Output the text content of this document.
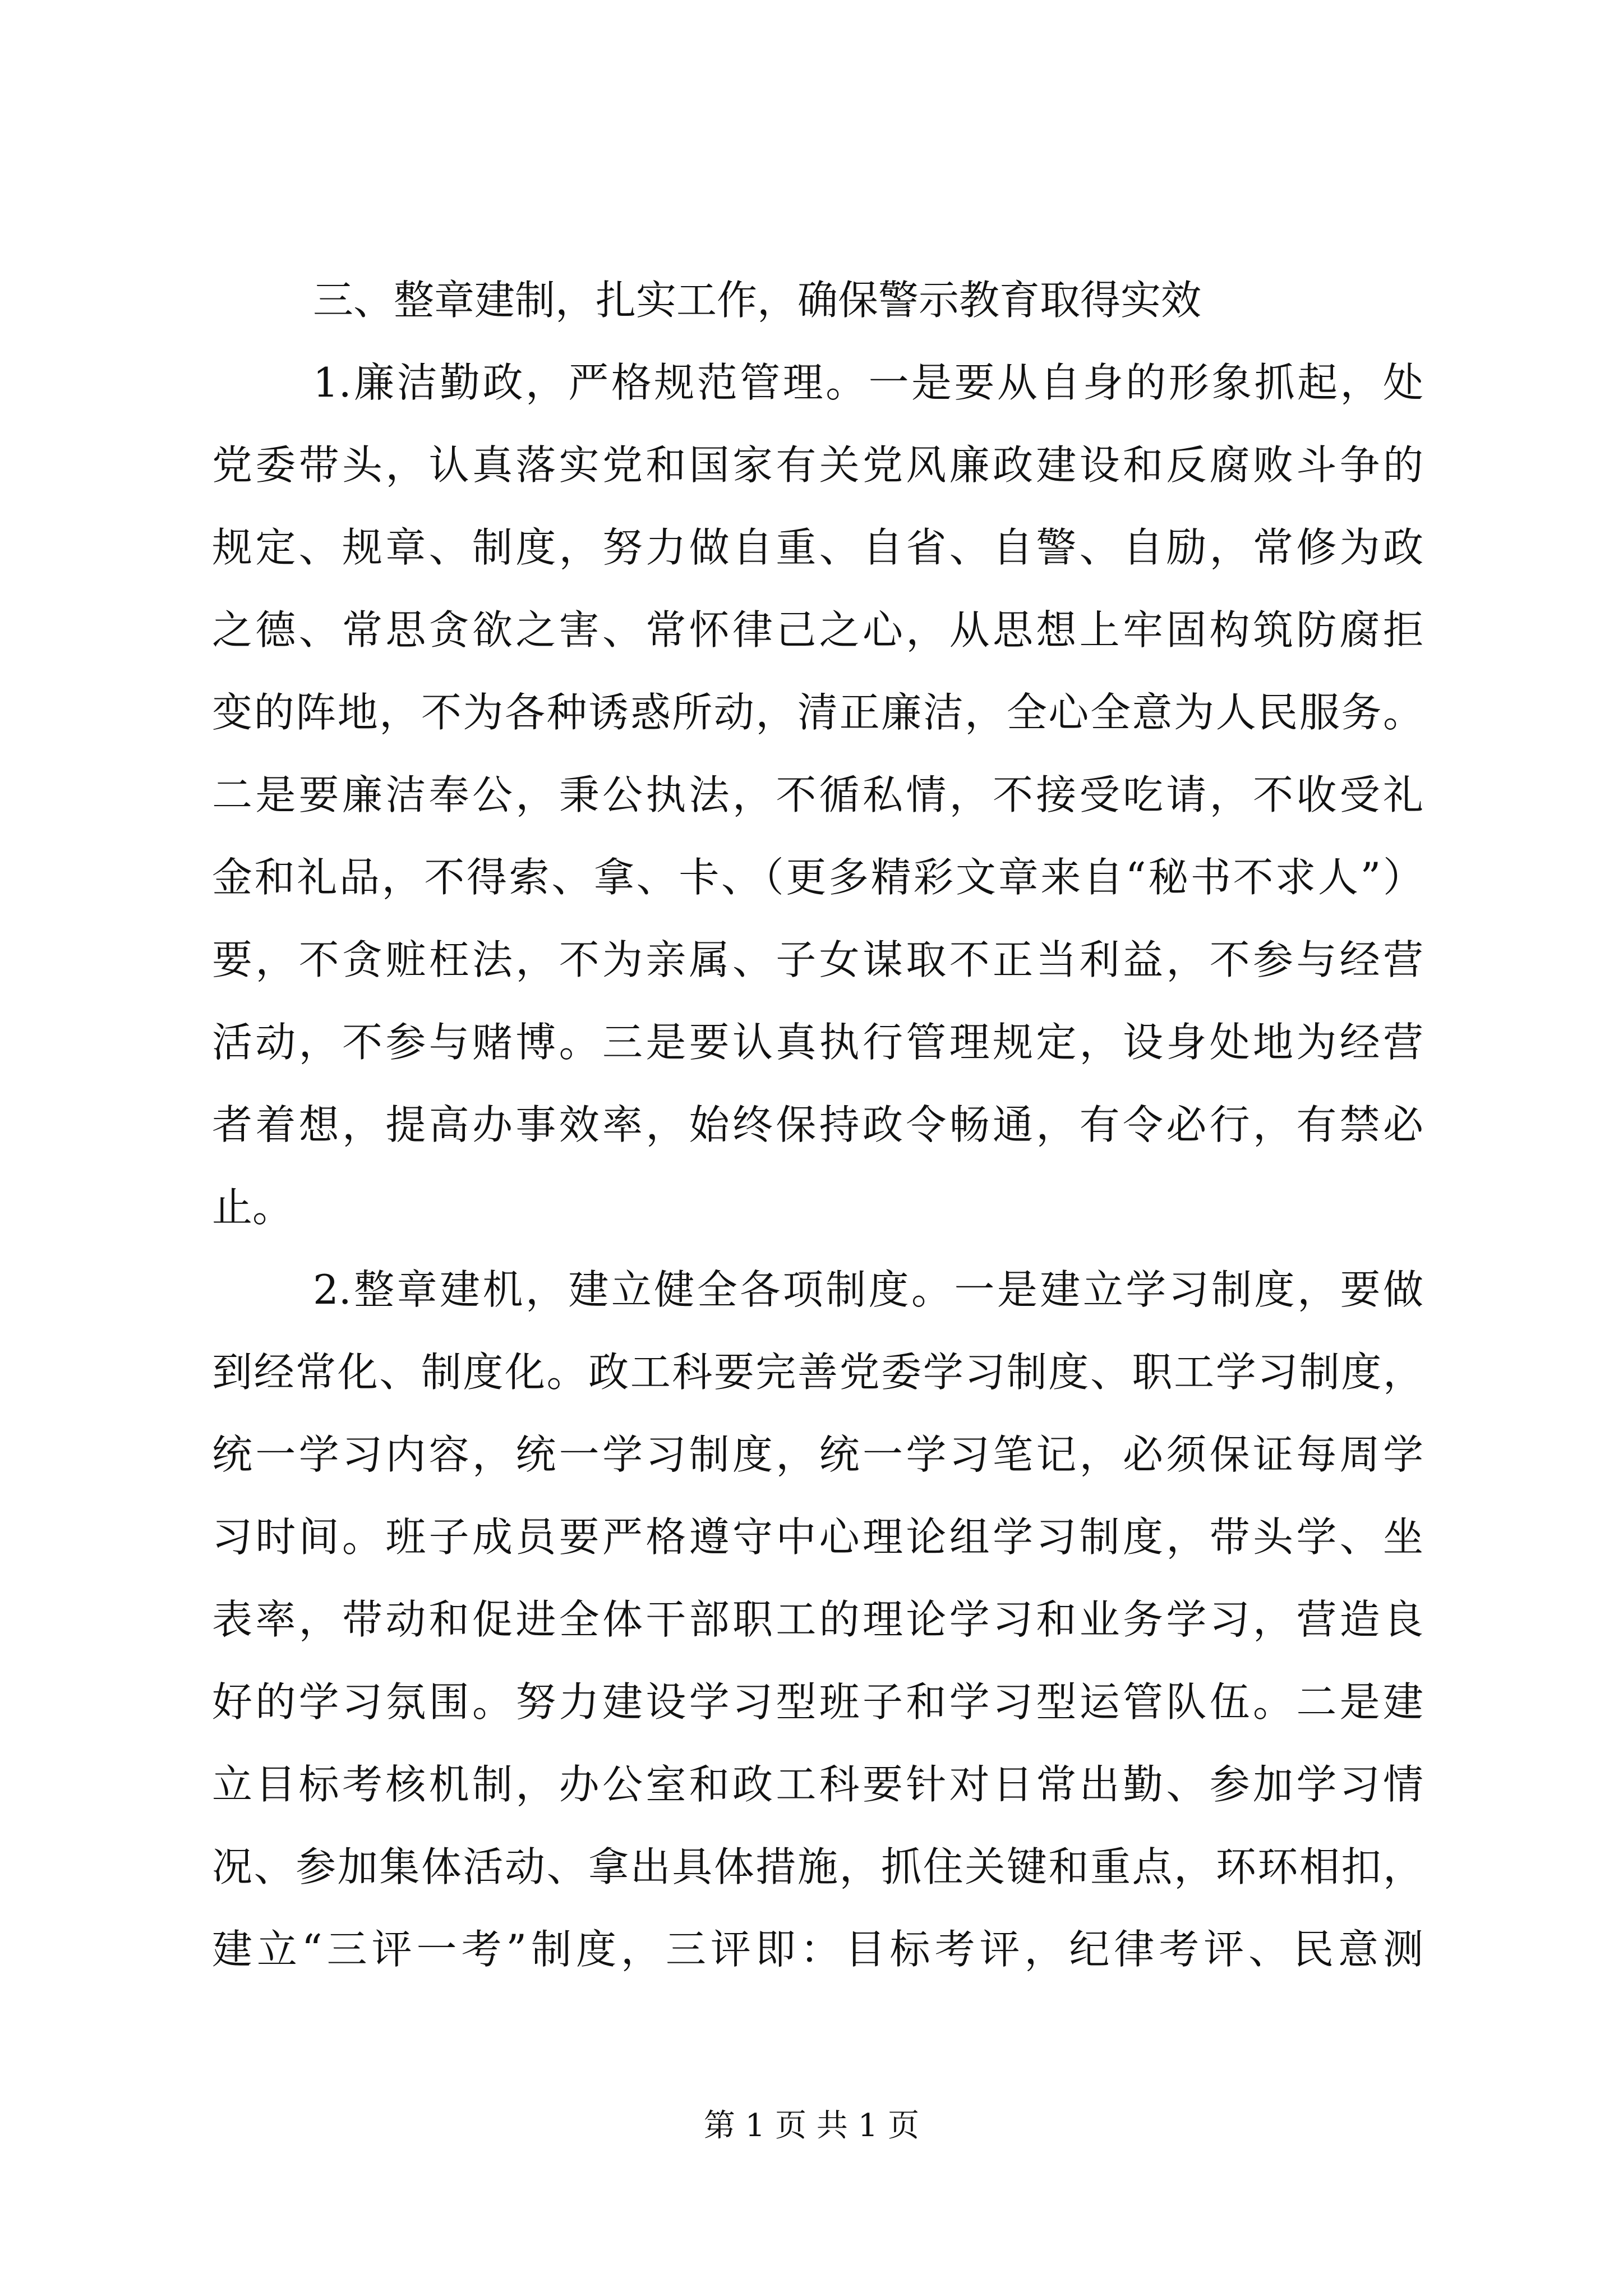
三、整章建制，扎实工作，确保警示教育取得实效

1.廉洁勤政，严格规范管理。一是要从自身的形象抓起，处
党委带头，认真落实党和国家有关党风廉政建设和反腐败斗争的
规定、规章、制度，努力做自重、自省、自警、自励，常修为政
之德、常思贪欲之害、常怀律己之心，从思想上牢固构筑防腐拒
变的阵地，不为各种诱惑所动，清正廉洁，全心全意为人民服务。
二是要廉洁奉公，秉公执法，不循私情，不接受吃请，不收受礼
金和礼品，不得索、拿、卡、（更多精彩文章来自“秘书不求人”）
要，不贪赃枉法，不为亲属、子女谋取不正当利益，不参与经营
活动，不参与赌博。三是要认真执行管理规定，设身处地为经营
者着想，提高办事效率，始终保持政令畅通，有令必行，有禁必
止。
2.整章建机，建立健全各项制度。一是建立学习制度，要做
到经常化、制度化。政工科要完善党委学习制度、职工学习制度，
统一学习内容，统一学习制度，统一学习笔记，必须保证每周学
习时间。班子成员要严格遵守中心理论组学习制度，带头学、坐
表率，带动和促进全体干部职工的理论学习和业务学习，营造良
好的学习氛围。努力建设学习型班子和学习型运管队伍。二是建
立目标考核机制，办公室和政工科要针对日常出勤、参加学习情
况、参加集体活动、拿出具体措施，抓住关键和重点，环环相扣，
建立“三评一考”制度，三评即：目标考评，纪律考评、民意测
第 1 页 共 1 页
